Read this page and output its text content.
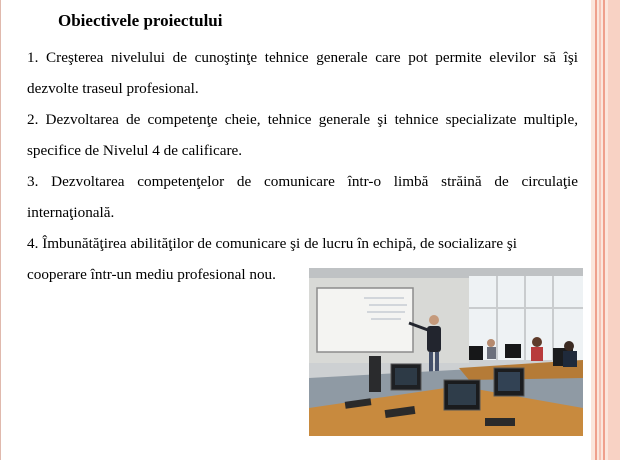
Obiectivele proiectului

1. Creşterea nivelului de cunoştinţe tehnice generale care pot permite elevilor să îşi dezvolte traseul profesional.

2. Dezvoltarea de competenţe cheie, tehnice generale şi tehnice specializate multiple, specifice de Nivelul 4 de calificare.

3. Dezvoltarea competenţelor de comunicare într-o limbă străină de circulaţie internaţională.

4. Îmbunătăţirea abilităţilor de comunicare şi de lucru în echipă, de socializare şi
cooperare într-un mediu profesional nou.
